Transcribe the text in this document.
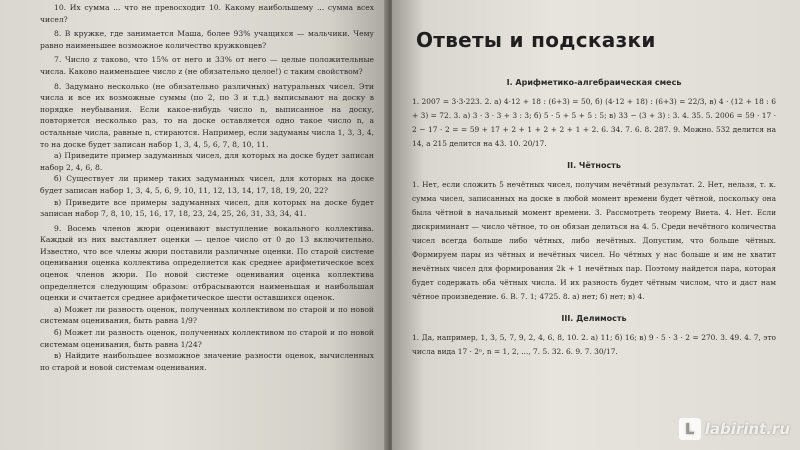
10. Их сумма ... что не превосходит 10. Какому наибольшему ... сумма всех чисел?

8. В кружке, где занимается Маша, более 93% учащихся — мальчики. Чему равно наименьшее возможное количество кружковцев?

7. Число z таково, что 15% от него и 33% от него — целые положительные числа. Каково наименьшее число z (не обязательно целое!) с таким свойством?

8. Задумано несколько (не обязательно различных) натуральных чисел. Эти числа и все их возможные суммы (по 2, по 3 и т.д.) выписывают на доску в порядке неубывания. Если какое-нибудь число n, выписанное на доску, повторяется несколько раз, то на доске оставляется одно такое число n, а остальные числа, равные n, стираются. Например, если задуманы числа 1, 3, 3, 4, то на доске будет записан набор 1, 3, 4, 5, 6, 7, 8, 10, 11.

а) Приведите пример задуманных чисел, для которых на доске будет записан набор 2, 4, 6, 8.

б) Существует ли пример таких задуманных чисел, для которых на доске будет записан набор 1, 3, 4, 5, 6, 9, 10, 11, 12, 13, 14, 17, 18, 19, 20, 22?

в) Приведите все примеры задуманных чисел, для которых на доске будет записан набор 7, 8, 10, 15, 16, 17, 18, 23, 24, 25, 26, 31, 33, 34, 41.

9. Восемь членов жюри оценивают выступление вокального коллектива. Каждый из них выставляет оценки — целое число от 0 до 13 включительно. Известно, что все члены жюри поставили различные оценки. По старой системе оценивания оценка коллектива определяется как среднее арифметическое всех оценок членов жюри. По новой системе оценивания оценка коллектива определяется следующим образом: отбрасываются наименьшая и наибольшая оценки и считается среднее арифметическое шести оставшихся оценок.

а) Может ли разность оценок, полученных коллективом по старой и по новой системам оценивания, быть равна 1/9?

б) Может ли разность оценок, полученных коллективом по старой и по новой системам оценивания, быть равна 1/24?

в) Найдите наибольшее возможное значение разности оценок, вычисленных по старой и новой системам оценивания.

Ответы и подсказки
I. Арифметико-алгебраическая смесь

1. 2007 = 3·3·223. 2. а) 4·12 + 18 : (6+3) = 50, б) (4·12 + 18) : (6+3) = 22/3, в) 4 · (12 + 18 : 6 + 3) = 72. 3. а) 3 · 3 · 3 + 3 : 3; б) 5 · 5 + 5 + 5 : 5; в) 33 − (3 + 3) : 3. 4. 35. 5. 2006 = 59 · 17 · 2 − 17 · 2 = = 59 + 17 + 2 + 1 + 2 + 2 + 1 + 2. 6. 34. 7. 6. 8. 287. 9. Можно. 532 делится на 14, а 215 делится на 43. 10. 20/17.

II. Чётность

1. Нет, если сложить 5 нечётных чисел, получим нечётный результат. 2. Нет, нельзя, т. к. сумма чисел, записанных на доске в любой момент времени будет чётной, поскольку она была чётной в начальный момент времени. 3. Рассмотреть теорему Виета. 4. Нет. Если дискриминант — число чётное, то он обязан делиться на 4. 5. Среди нечётного количества чисел всегда больше либо чётных, либо нечётных. Допустим, что больше чётных. Формируем пары из чётных и нечётных чисел. Но чётных у нас больше и им не хватит нечётных чисел для формирования 2k + 1 нечётных пар. Поэтому найдется пара, которая будет содержать оба чётных числа. И их разность будет чётным числом, что и даст нам чётное произведение. 6. B. 7. 1; 4725. 8. а) нет; б) нет; в) 4.

III. Делимость

1. Да, например, 1, 3, 5, 7, 9, 2, 4, 6, 8, 10. 2. а) 11; б) 16; в) 9 · 5 · 3 · 2 = 270. 3. 49. 4. 7, это числа вида 17 · 2ⁿ, n = 1, 2, ..., 7. 5. 32. 6. 9. 7. 30/17.

L labirint.ru
